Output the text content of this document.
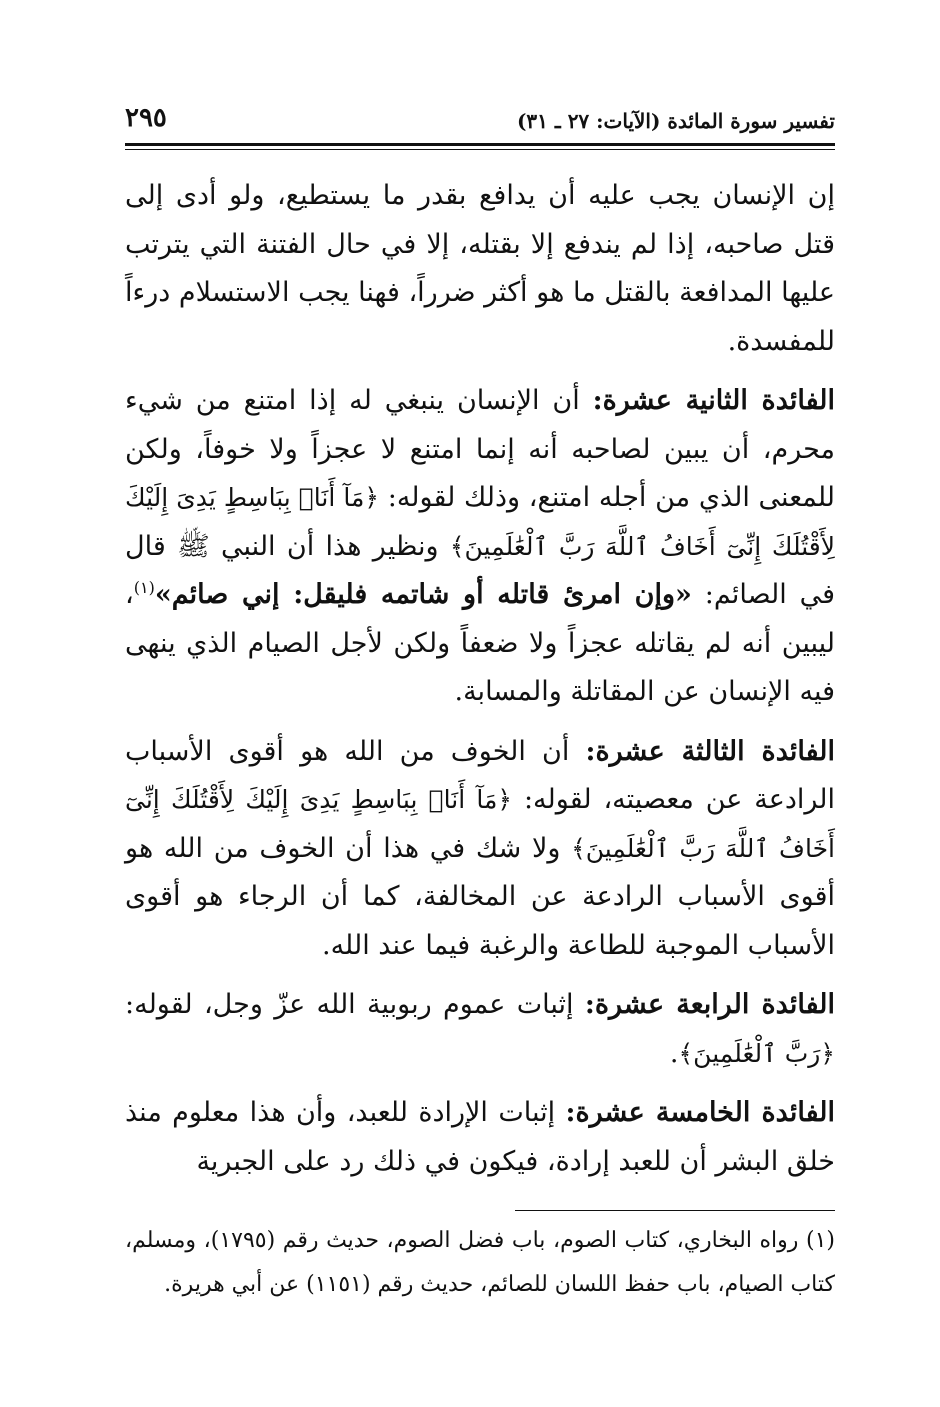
تفسير سورة المائدة (الآيات: ٢٧ ـ ٣١)
٢٩٥

إن الإنسان يجب عليه أن يدافع بقدر ما يستطيع، ولو أدى إلى قتل صاحبه، إذا لم يندفع إلا بقتله، إلا في حال الفتنة التي يترتب عليها المدافعة بالقتل ما هو أكثر ضرراً، فهنا يجب الاستسلام درءاً للمفسدة.

الفائدة الثانية عشرة: أن الإنسان ينبغي له إذا امتنع من شيء محرم، أن يبين لصاحبه أنه إنما امتنع لا عجزاً ولا خوفاً، ولكن للمعنى الذي من أجله امتنع، وذلك لقوله: ﴿مَآ أَنَا۠ بِبَاسِطٍ يَدِىَ إِلَيْكَ لِأَقْتُلَكَ إِنِّىٓ أَخَافُ ٱللَّهَ رَبَّ ٱلْعَٰلَمِينَ﴾ ونظير هذا أن النبي ﷺ قال في الصائم: «وإن امرئ قاتله أو شاتمه فليقل: إني صائم»$^{(١)}$، ليبين أنه لم يقاتله عجزاً ولا ضعفاً ولكن لأجل الصيام الذي ينهى فيه الإنسان عن المقاتلة والمسابة.

الفائدة الثالثة عشرة: أن الخوف من الله هو أقوى الأسباب الرادعة عن معصيته، لقوله: ﴿مَآ أَنَا۠ بِبَاسِطٍ يَدِىَ إِلَيْكَ لِأَقْتُلَكَ إِنِّىٓ أَخَافُ ٱللَّهَ رَبَّ ٱلْعَٰلَمِينَ﴾ ولا شك في هذا أن الخوف من الله هو أقوى الأسباب الرادعة عن المخالفة، كما أن الرجاء هو أقوى الأسباب الموجبة للطاعة والرغبة فيما عند الله.

الفائدة الرابعة عشرة: إثبات عموم ربوبية الله عزّ وجل، لقوله: ﴿رَبَّ ٱلْعَٰلَمِينَ﴾.

الفائدة الخامسة عشرة: إثبات الإرادة للعبد، وأن هذا معلوم منذ خلق البشر أن للعبد إرادة، فيكون في ذلك رد على الجبرية

(١) رواه البخاري، كتاب الصوم، باب فضل الصوم، حديث رقم (١٧٩٥)، ومسلم، كتاب الصيام، باب حفظ اللسان للصائم، حديث رقم (١١٥١) عن أبي هريرة.
